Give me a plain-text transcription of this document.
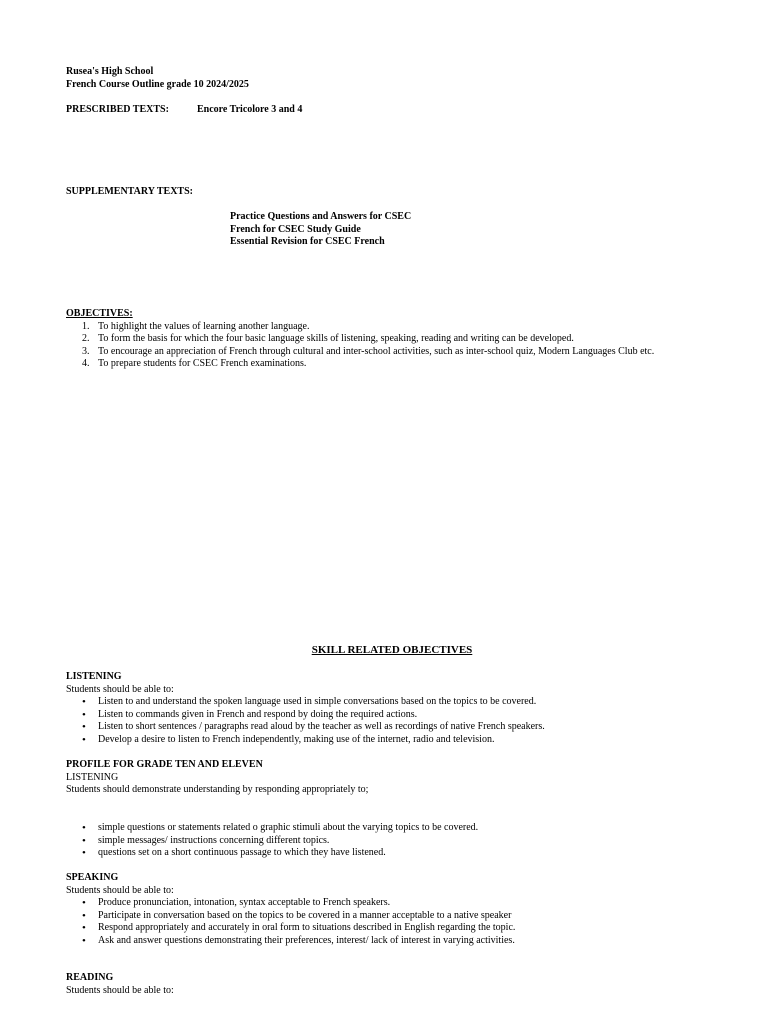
Rusea's High School
French Course Outline grade 10 2024/2025
PRESCRIBED TEXTS:	Encore Tricolore 3 and 4
SUPPLEMENTARY TEXTS:
Practice Questions and Answers for CSEC
French for CSEC Study Guide
Essential Revision for CSEC French
OBJECTIVES:
1. To highlight the values of learning another language.
2. To form the basis for which the four basic language skills of listening, speaking, reading and writing can be developed.
3. To encourage an appreciation of French through cultural and inter-school activities, such as inter-school quiz, Modern Languages Club etc.
4. To prepare students for CSEC French examinations.
SKILL RELATED OBJECTIVES
LISTENING
Students should be able to:
• Listen to and understand the spoken language used in simple conversations based on the topics to be covered.
• Listen to commands given in French and respond by doing the required actions.
• Listen to short sentences / paragraphs read aloud by the teacher as well as recordings of native French speakers.
• Develop a desire to listen to French independently, making use of the internet, radio and television.
PROFILE FOR GRADE TEN AND ELEVEN
LISTENING
Students should demonstrate understanding by responding appropriately to;
• simple questions or statements related o graphic stimuli about the varying topics to be covered.
• simple messages/ instructions concerning different topics.
• questions set on a short continuous passage to which they have listened.
SPEAKING
Students should be able to:
• Produce pronunciation, intonation, syntax acceptable to French speakers.
• Participate in conversation based on the topics to be covered in a manner acceptable to a native speaker
• Respond appropriately and accurately in oral form to situations described in English regarding the topic.
• Ask and answer questions demonstrating their preferences, interest/ lack of interest in varying activities.
READING
Students should be able to:
